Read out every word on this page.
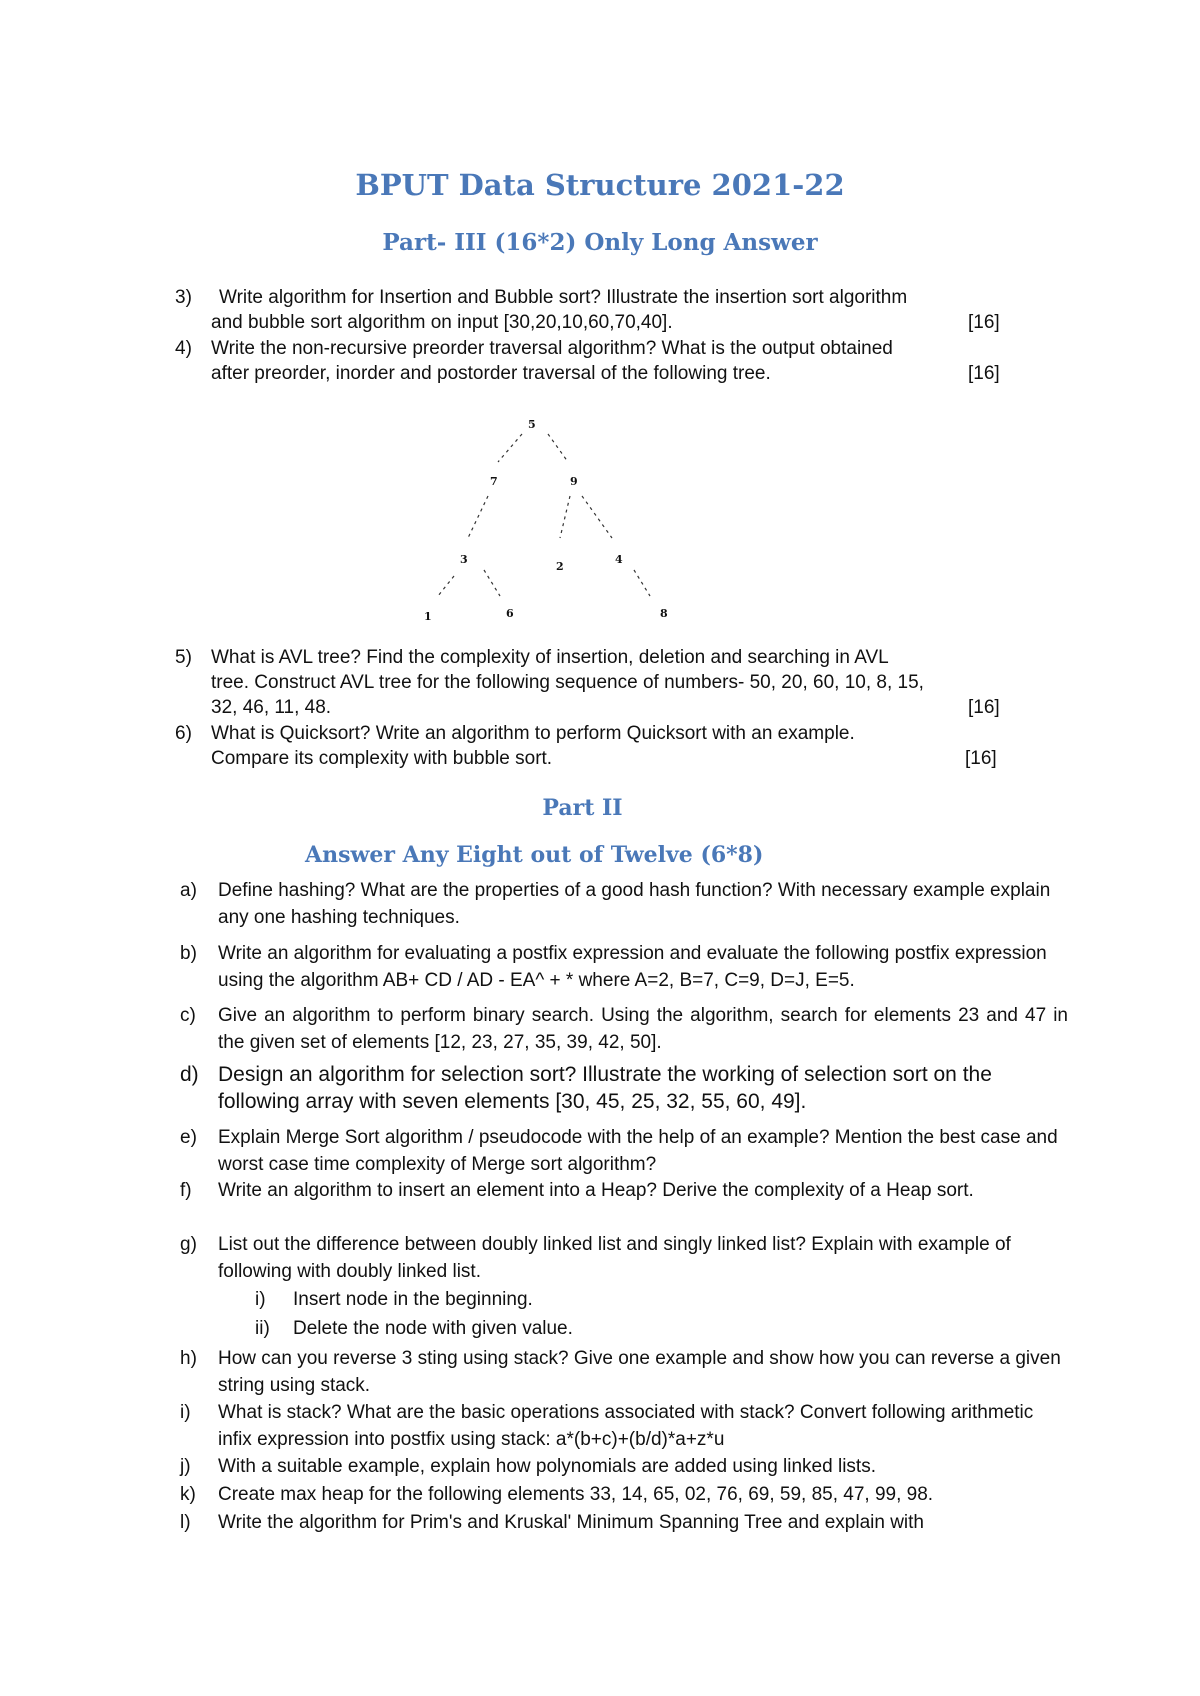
BPUT Data Structure 2021-22
Part- III (16*2) Only Long Answer
3) Write algorithm for Insertion and Bubble sort? Illustrate the insertion sort algorithm
and bubble sort algorithm on input [30,20,10,60,70,40].	[16]
4) Write the non-recursive preorder traversal algorithm? What is the output obtained
after preorder, inorder and postorder traversal of the following tree.	[16]
5
7	9
3
2
4
1	6	8
5) What is AVL tree? Find the complexity of insertion, deletion and searching in AVL
tree. Construct AVL tree for the following sequence of numbers- 50, 20, 60, 10, 8, 15,
32, 46, 11, 48.	[16]
6) What is Quicksort? Write an algorithm to perform Quicksort with an example.
Compare its complexity with bubble sort.	[16]
Part II
Answer Any Eight out of Twelve (6*8)
a) Define hashing? What are the properties of a good hash function? With necessary example explain any one hashing techniques.
b) Write an algorithm for evaluating a postfix expression and evaluate the following postfix expression using the algorithm AB+ CD / AD - EA^ + * where A=2, B=7, C=9, D=J, E=5.
c) Give an algorithm to perform binary search. Using the algorithm, search for elements 23 and 47 in the given set of elements [12, 23, 27, 35, 39, 42, 50].
d) Design an algorithm for selection sort? Illustrate the working of selection sort on the following array with seven elements [30, 45, 25, 32, 55, 60, 49].
e) Explain Merge Sort algorithm / pseudocode with the help of an example? Mention the best case and worst case time complexity of Merge sort algorithm?
f) Write an algorithm to insert an element into a Heap? Derive the complexity of a Heap sort.
g) List out the difference between doubly linked list and singly linked list? Explain with example of following with doubly linked list.
i) Insert node in the beginning.
ii) Delete the node with given value.
h) How can you reverse 3 sting using stack? Give one example and show how you can reverse a given string using stack.
i) What is stack? What are the basic operations associated with stack? Convert following arithmetic infix expression into postfix using stack: a*(b+c)+(b/d)*a+z*u
j) With a suitable example, explain how polynomials are added using linked lists.
k) Create max heap for the following elements 33, 14, 65, 02, 76, 69, 59, 85, 47, 99, 98.
l) Write the algorithm for Prim's and Kruskal' Minimum Spanning Tree and explain with
